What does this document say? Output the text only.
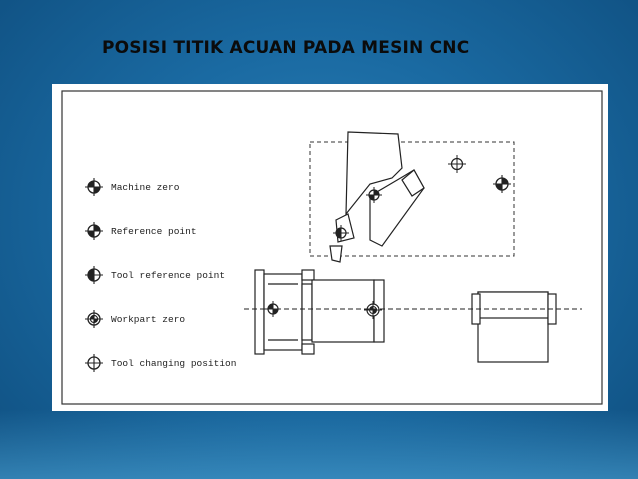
POSISI TITIK ACUAN PADA MESIN CNC
Machine zero
Reference point
Tool reference point
Workpart zero
Tool changing position
